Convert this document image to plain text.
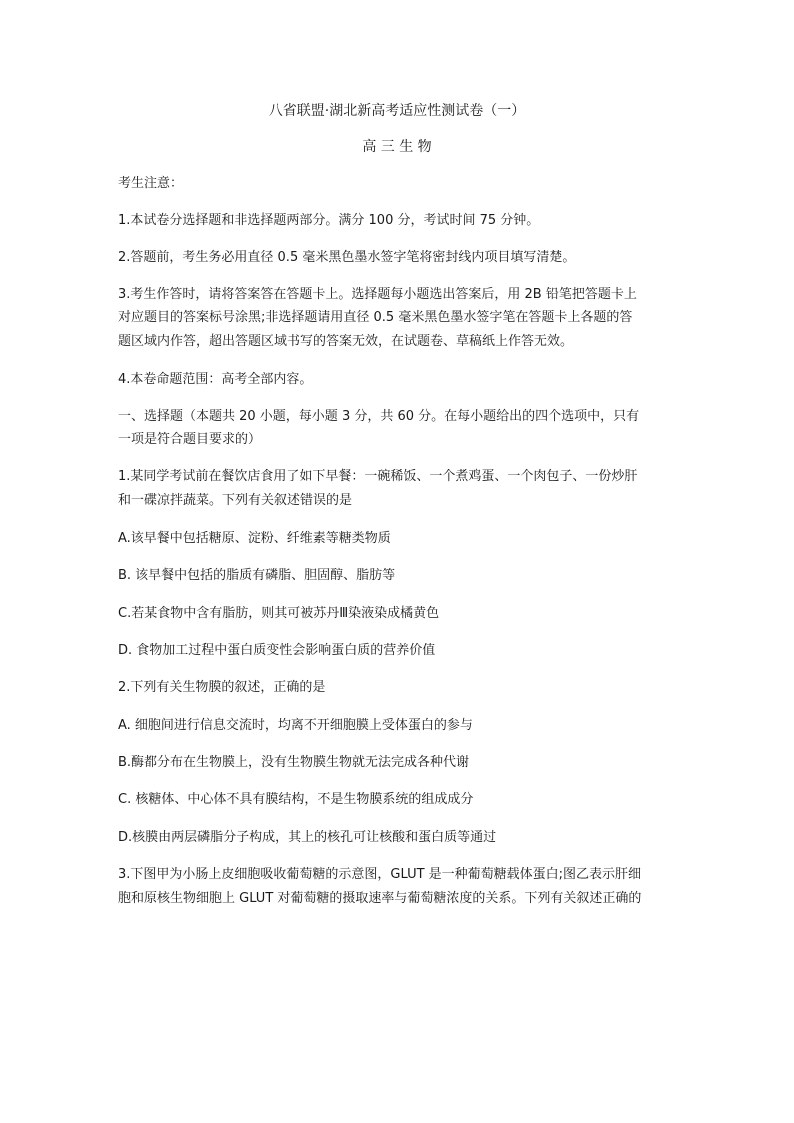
八省联盟·湖北新高考适应性测试卷（一）
高 三 生 物
考生注意：
1.本试卷分选择题和非选择题两部分。满分 100 分，考试时间 75 分钟。
2.答题前，考生务必用直径 0.5 毫米黑色墨水签字笔将密封线内项目填写清楚。
3.考生作答时，请将答案答在答题卡上。选择题每小题选出答案后，用 2B 铅笔把答题卡上
对应题目的答案标号涂黑;非选择题请用直径 0.5 毫米黑色墨水签字笔在答题卡上各题的答
题区域内作答，超出答题区域书写的答案无效，在试题卷、草稿纸上作答无效。
4.本卷命题范围：高考全部内容。
一、选择题（本题共 20 小题，每小题 3 分，共 60 分。在每小题给出的四个选项中，只有
一项是符合题目要求的）
1.某同学考试前在餐饮店食用了如下早餐：一碗稀饭、一个煮鸡蛋、一个肉包子、一份炒肝
和一碟凉拌蔬菜。下列有关叙述错误的是
A.该早餐中包括糖原、淀粉、纤维素等糖类物质
B. 该早餐中包括的脂质有磷脂、胆固醇、脂肪等
C.若某食物中含有脂肪，则其可被苏丹Ⅲ染液染成橘黄色
D. 食物加工过程中蛋白质变性会影响蛋白质的营养价值
2.下列有关生物膜的叙述，正确的是
A. 细胞间进行信息交流时，均离不开细胞膜上受体蛋白的参与
B.酶都分布在生物膜上，没有生物膜生物就无法完成各种代谢
C. 核糖体、中心体不具有膜结构，不是生物膜系统的组成成分
D.核膜由两层磷脂分子构成，其上的核孔可让核酸和蛋白质等通过
3.下图甲为小肠上皮细胞吸收葡萄糖的示意图，GLUT 是一种葡萄糖载体蛋白;图乙表示肝细
胞和原核生物细胞上 GLUT 对葡萄糖的摄取速率与葡萄糖浓度的关系。下列有关叙述正确的
